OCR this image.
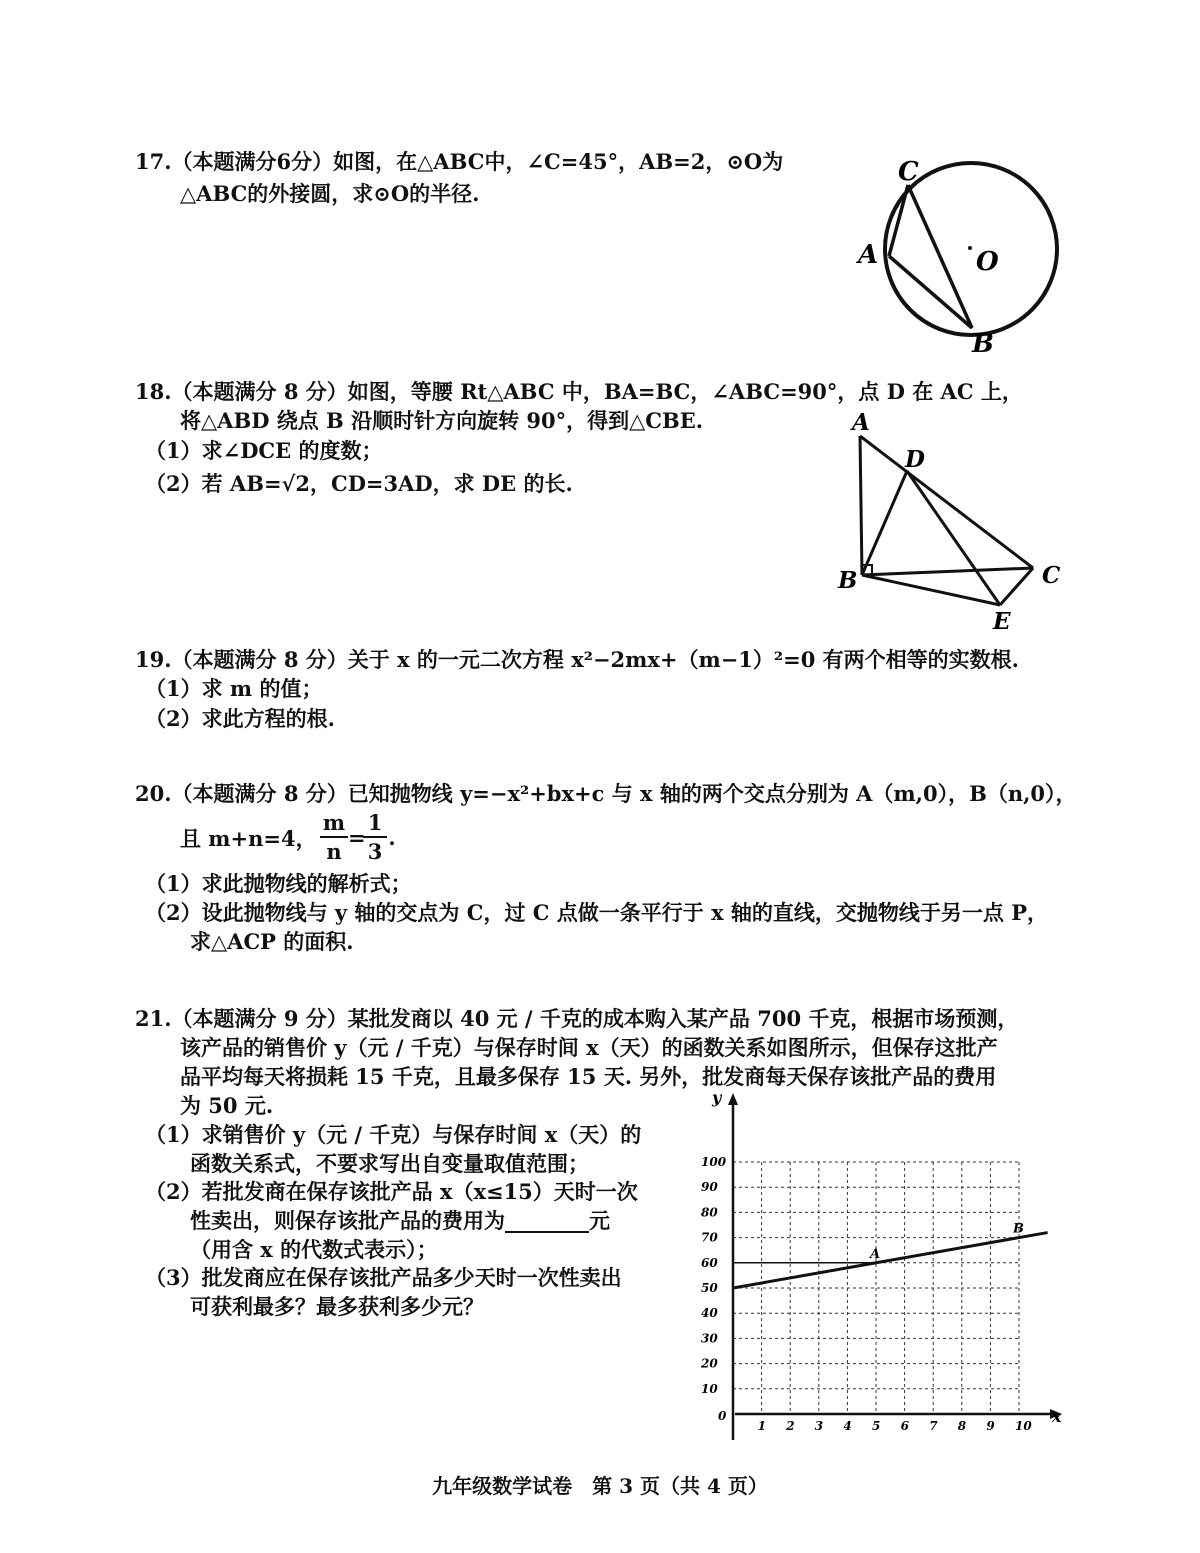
17.（本题满分6分）如图，在△ABC中，∠C=45°，AB=2，⊙O为
△ABC的外接圆，求⊙O的半径.
C
A	O
B
18.（本题满分 8 分）如图，等腰 Rt△ABC 中，BA=BC，∠ABC=90°，点 D 在 AC 上，
将△ABD 绕点 B 沿顺时针方向旋转 90°，得到△CBE.
（1）求∠DCE 的度数；
（2）若 AB=√2，CD=3AD，求 DE 的长.
A
D
B	C
E
19.（本题满分 8 分）关于 x 的一元二次方程 x²−2mx+（m−1）²=0 有两个相等的实数根.
（1）求 m 的值；
（2）求此方程的根.
20.（本题满分 8 分）已知抛物线 y=−x²+bx+c 与 x 轴的两个交点分别为 A（m,0），B（n,0），
且 m+n=4，
m
n
=
1
3
.
（1）求此抛物线的解析式；
（2）设此抛物线与 y 轴的交点为 C，过 C 点做一条平行于 x 轴的直线，交抛物线于另一点 P，
求△ACP 的面积.
21.（本题满分 9 分）某批发商以 40 元 / 千克的成本购入某产品 700 千克，根据市场预测，
该产品的销售价 y（元 / 千克）与保存时间 x（天）的函数关系如图所示，但保存这批产
品平均每天将损耗 15 千克，且最多保存 15 天. 另外，批发商每天保存该批产品的费用
为 50 元.
（1）求销售价 y（元 / 千克）与保存时间 x（天）的
函数关系式，不要求写出自变量取值范围；
（2）若批发商在保存该批产品 x（x≤15）天时一次
性卖出，则保存该批产品的费用为________元
（用含 x 的代数式表示）；
（3）批发商应在保存该批产品多少天时一次性卖出
可获利最多？最多获利多少元？
y
x
0
1 2 3 4 5 6 7 8 9 10
10
20
30
40
50
60
70
80
90
100
A
B
九年级数学试卷　第 3 页（共 4 页）
